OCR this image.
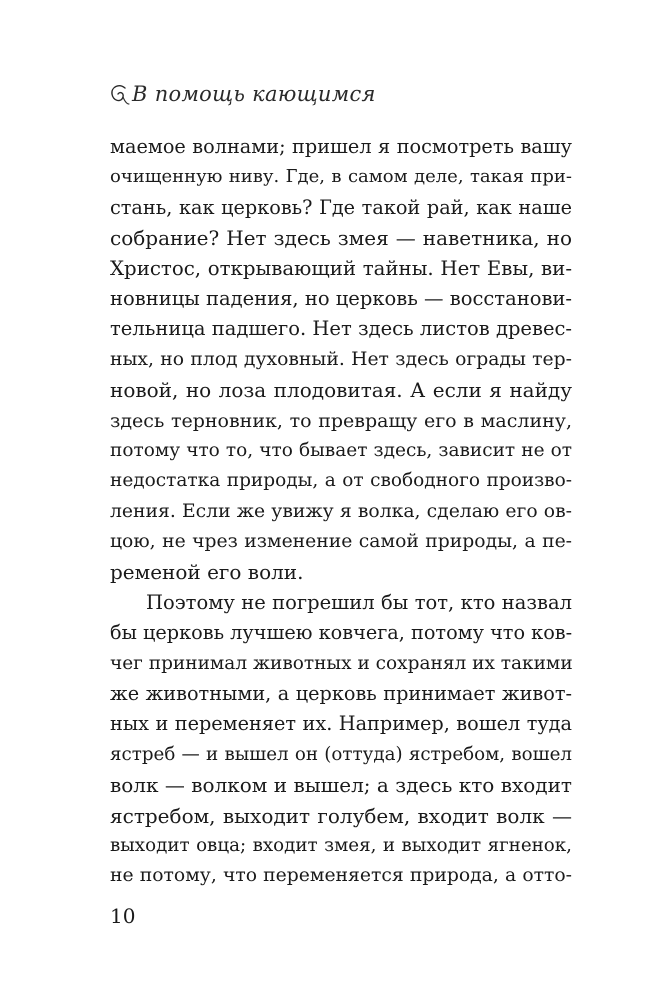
В помощь кающимся
маемое волнами; пришел я посмотреть вашу
очищенную ниву. Где, в самом деле, такая при-
стань, как церковь? Где такой рай, как наше
собрание? Нет здесь змея — наветника, но
Христос, открывающий тайны. Нет Евы, ви-
новницы падения, но церковь — восстанови-
тельница падшего. Нет здесь листов древес-
ных, но плод духовный. Нет здесь ограды тер-
новой, но лоза плодовитая. А если я найду
здесь терновник, то превращу его в маслину,
потому что то, что бывает здесь, зависит не от
недостатка природы, а от свободного произво-
ления. Если же увижу я волка, сделаю его ов-
цою, не чрез изменение самой природы, а пе-
ременой его воли.
Поэтому не погрешил бы тот, кто назвал
бы церковь лучшею ковчега, потому что ков-
чег принимал животных и сохранял их такими
же животными, а церковь принимает живот-
ных и переменяет их. Например, вошел туда
ястреб — и вышел он (оттуда) ястребом, вошел
волк — волком и вышел; а здесь кто входит
ястребом, выходит голубем, входит волк —
выходит овца; входит змея, и выходит ягненок,
не потому, что переменяется природа, а отто-
10
